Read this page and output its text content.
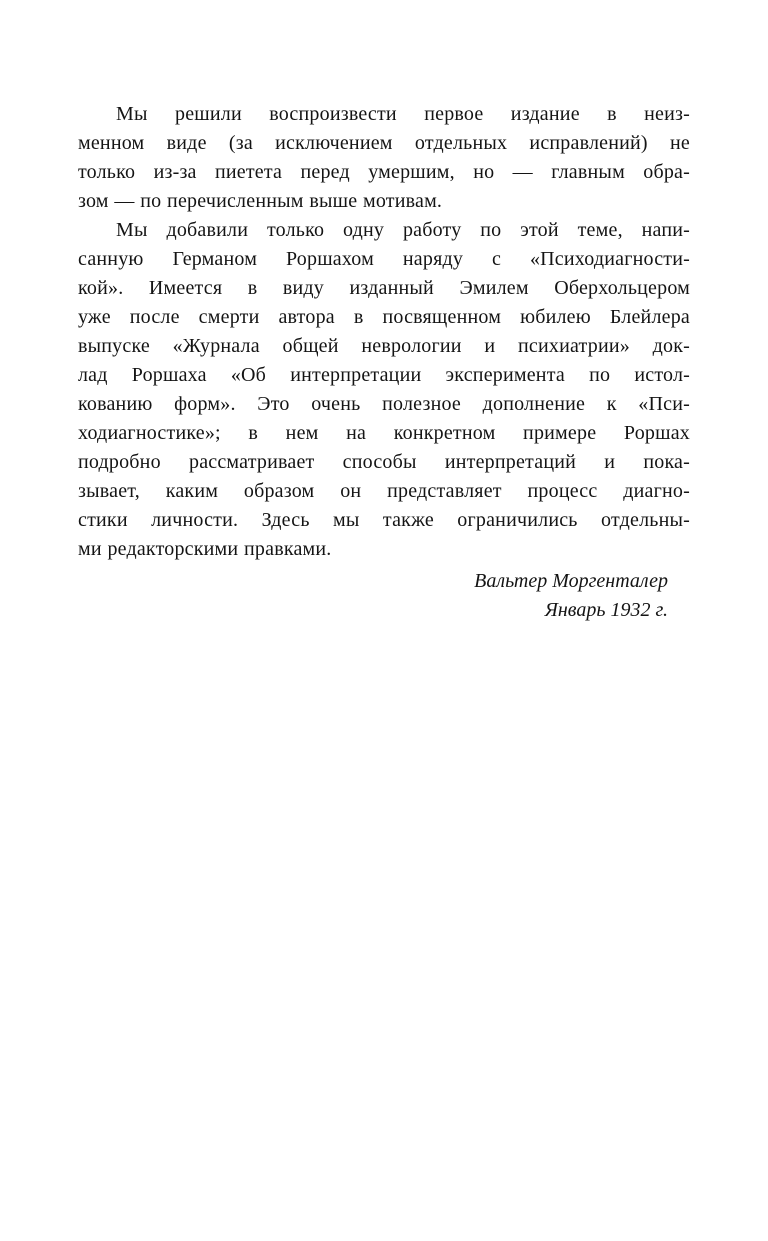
Мы решили воспроизвести первое издание в неиз-
менном виде (за исключением отдельных исправлений) не
только из-за пиетета перед умершим, но — главным обра-
зом — по перечисленным выше мотивам.
Мы добавили только одну работу по этой теме, напи-
санную Германом Роршахом наряду с «Психодиагности-
кой». Имеется в виду изданный Эмилем Оберхольцером
уже после смерти автора в посвященном юбилею Блейлера
выпуске «Журнала общей неврологии и психиатрии» док-
лад Роршаха «Об интерпретации эксперимента по истол-
кованию форм». Это очень полезное дополнение к «Пси-
ходиагностике»; в нем на конкретном примере Роршах
подробно рассматривает способы интерпретаций и пока-
зывает, каким образом он представляет процесс диагно-
стики личности. Здесь мы также ограничились отдельны-
ми редакторскими правками.
Вальтер Моргенталер
Январь 1932 г.
